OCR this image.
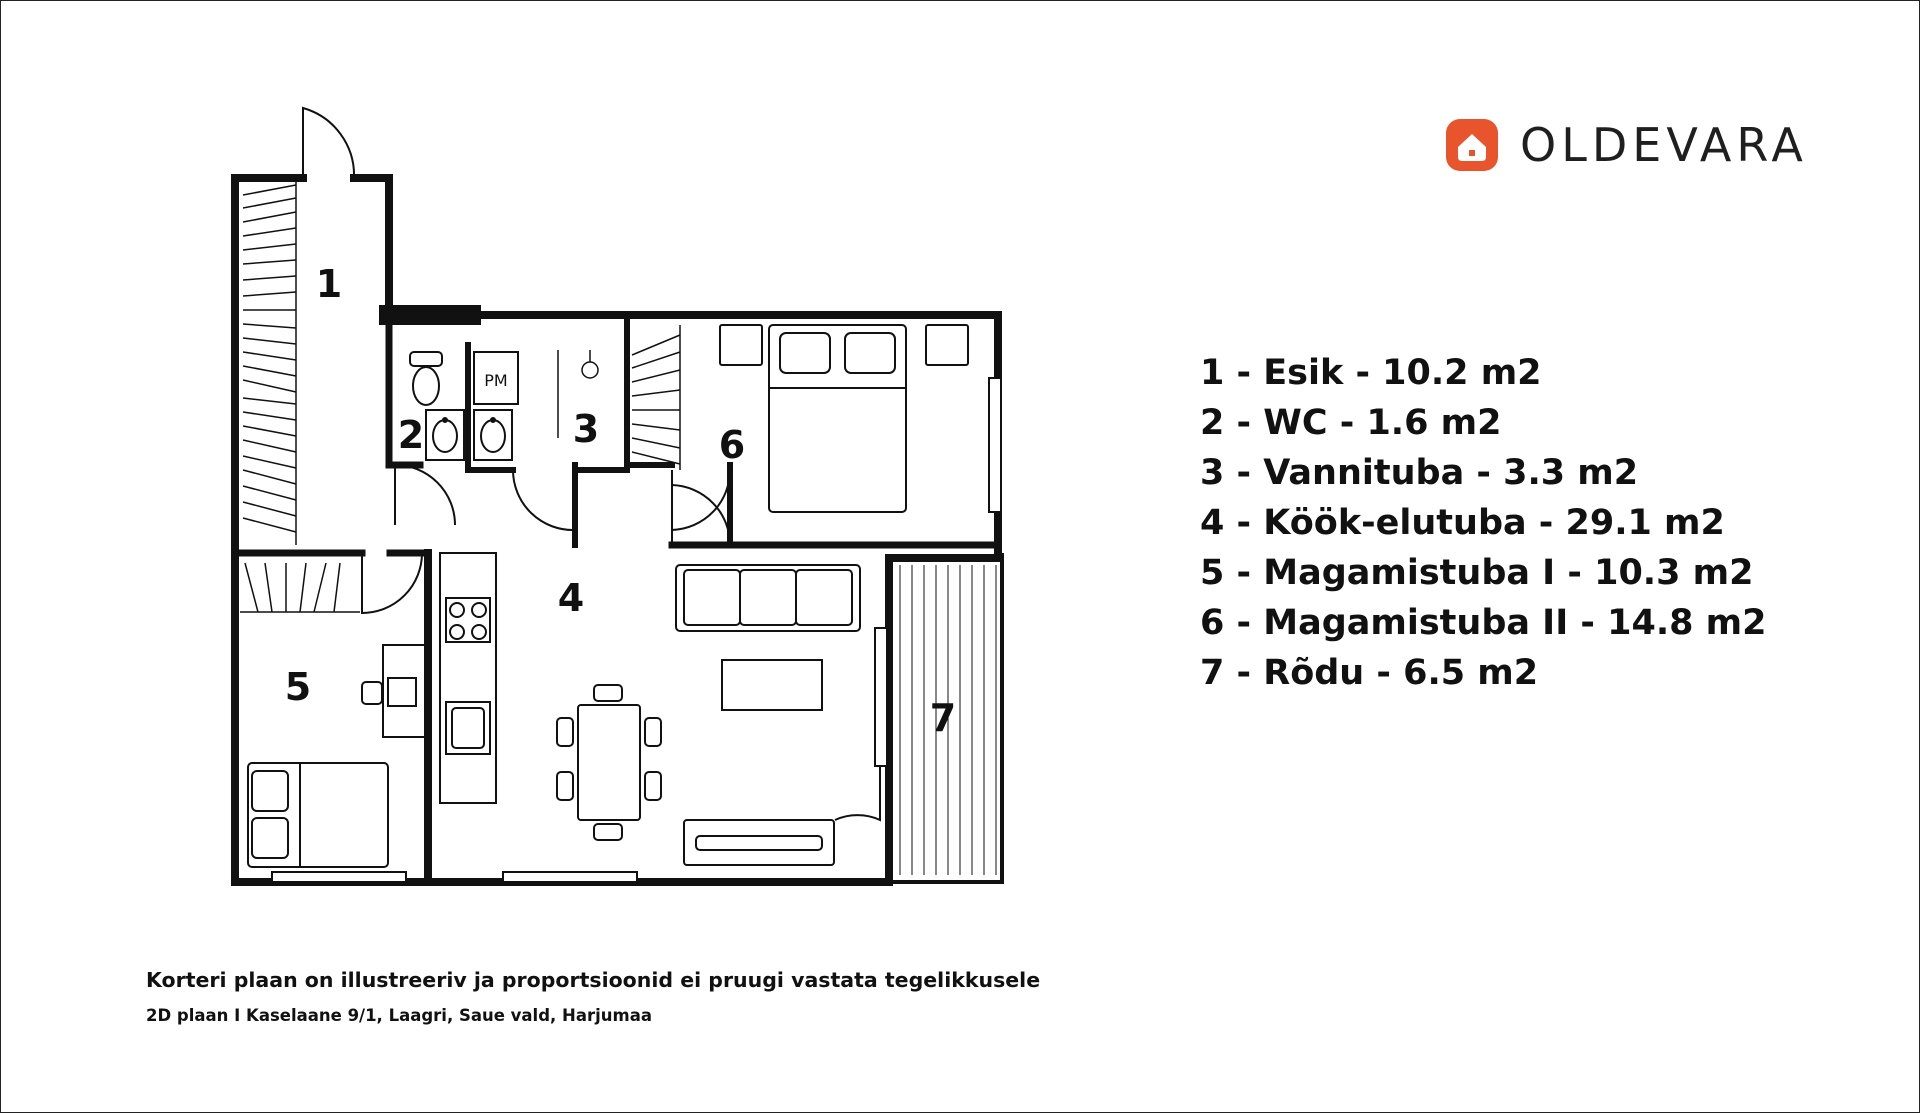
OLDEVARA
PM
1
2	3
4
5
6
7
1 - Esik - 10.2 m2
2 - WC - 1.6 m2
3 - Vannituba - 3.3 m2
4 - Köök-elutuba - 29.1 m2
5 - Magamistuba I - 10.3 m2
6 - Magamistuba II - 14.8 m2
7 - Rõdu - 6.5 m2
Korteri plaan on illustreeriv ja proportsioonid ei pruugi vastata tegelikkusele
2D plaan I Kaselaane 9/1, Laagri, Saue vald, Harjumaa
